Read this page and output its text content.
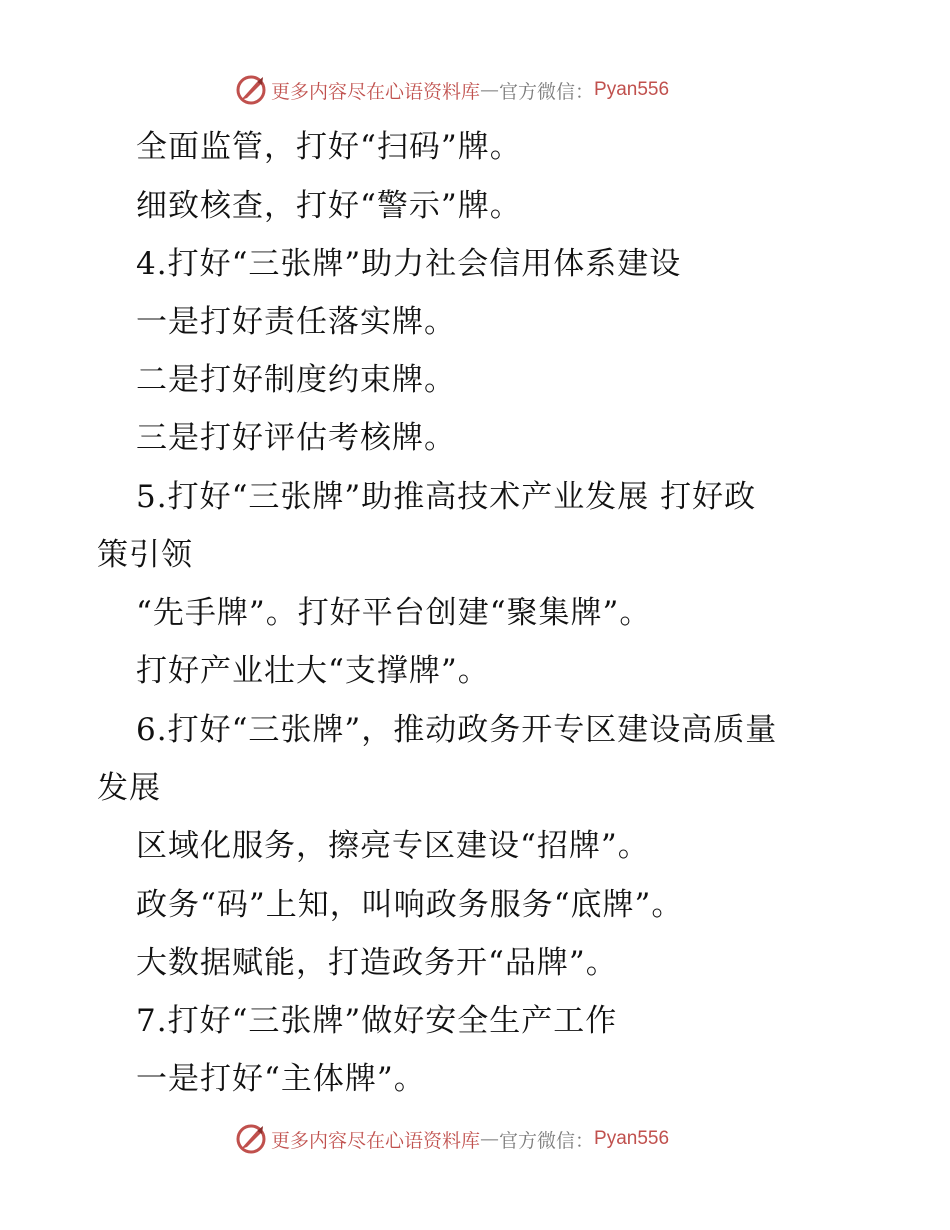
更多内容尽在心语资料库 — 官方微信： Pyan556
全面监管，打好“扫码”牌。
细致核查，打好“警示”牌。
4.打好“三张牌”助力社会信用体系建设
一是打好责任落实牌。
二是打好制度约束牌。
三是打好评估考核牌。
5.打好“三张牌”助推高技术产业发展 打好政
策引领
“先手牌”。打好平台创建“聚集牌”。
打好产业壮大“支撑牌”。
6.打好“三张牌”，推动政务开专区建设高质量
发展
区域化服务，擦亮专区建设“招牌”。
政务“码”上知，叫响政务服务“底牌”。
大数据赋能，打造政务开“品牌”。
7.打好“三张牌”做好安全生产工作
一是打好“主体牌”。
更多内容尽在心语资料库 — 官方微信： Pyan556
